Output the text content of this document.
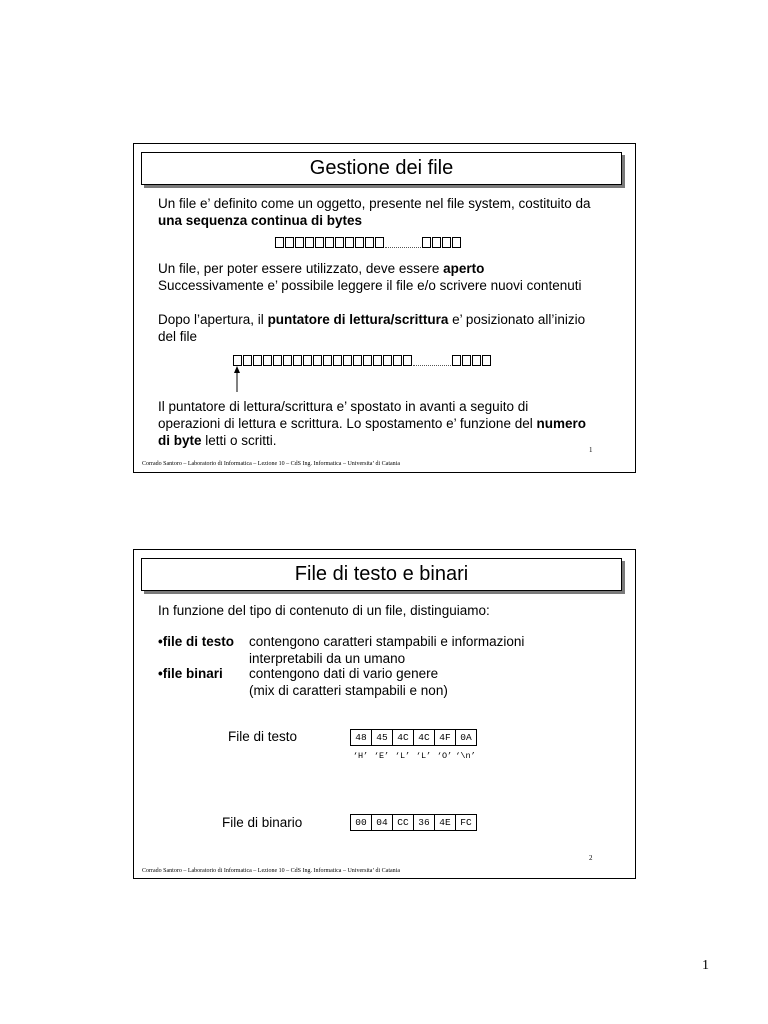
Gestione dei file
Un file e’ definito come un oggetto, presente nel file system, costituito da
una sequenza continua di bytes
Un file, per poter essere utilizzato, deve essere aperto
Successivamente e’ possibile leggere il file e/o scrivere nuovi contenuti
Dopo l’apertura, il puntatore di lettura/scrittura e’ posizionato all’inizio
del file
Il puntatore di lettura/scrittura e’ spostato in avanti a seguito di
operazioni di lettura e scrittura. Lo spostamento e’ funzione del numero
di byte letti o scritti.
1
Corrado Santoro – Laboratorio di Informatica – Lezione 10 – CdS Ing. Informatica – Universita’ di Catania
File di testo e binari
In funzione del tipo di contenuto di un file, distinguiamo:
•file di testo contengono caratteri stampabili e informazioni
interpretabili da un umano
•file binari contengono dati di vario genere
(mix di caratteri stampabili e non)
File di testo	48	45	4C	4C	4F	0A
‘H’ ‘E’ ‘L’ ‘L’ ‘O’ ‘\n’
File di binario	00	04	CC	36	4E	FC
2
Corrado Santoro – Laboratorio di Informatica – Lezione 10 – CdS Ing. Informatica – Universita’ di Catania
1
